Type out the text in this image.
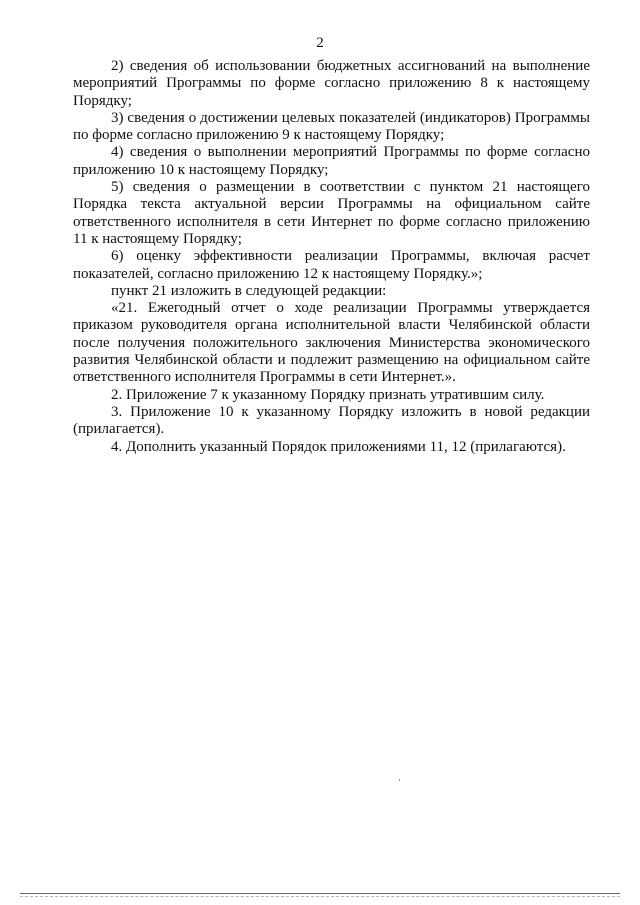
2

2) сведения об использовании бюджетных ассигнований на выполнение мероприятий Программы по форме согласно приложению 8 к настоящему Порядку;

3) сведения о достижении целевых показателей (индикаторов) Программы по форме согласно приложению 9 к настоящему Порядку;

4) сведения о выполнении мероприятий Программы по форме согласно приложению 10 к настоящему Порядку;

5) сведения о размещении в соответствии с пунктом 21 настоящего Порядка текста актуальной версии Программы на официальном сайте ответственного исполнителя в сети Интернет по форме согласно приложению 11 к настоящему Порядку;

6) оценку эффективности реализации Программы, включая расчет показателей, согласно приложению 12 к настоящему Порядку.»;

пункт 21 изложить в следующей редакции:

«21. Ежегодный отчет о ходе реализации Программы утверждается приказом руководителя органа исполнительной власти Челябинской области после получения положительного заключения Министерства экономического развития Челябинской области и подлежит размещению на официальном сайте ответственного исполнителя Программы в сети Интернет.».

2. Приложение 7 к указанному Порядку признать утратившим силу.

3. Приложение 10 к указанному Порядку изложить в новой редакции (прилагается).

4. Дополнить указанный Порядок приложениями 11, 12 (прилагаются).
